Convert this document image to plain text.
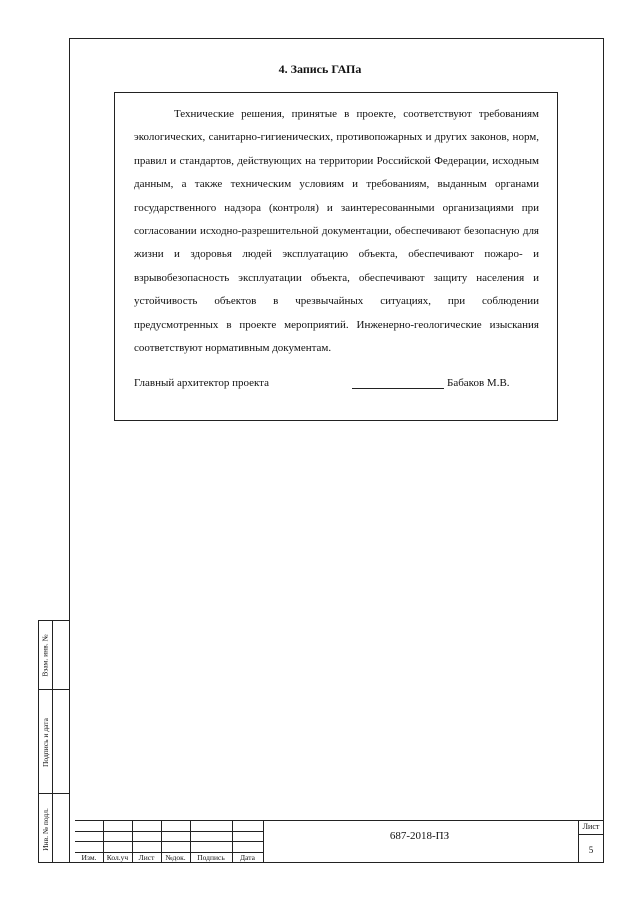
Взам. инв. №
Подпись и дата
Инв. № подл.
4. Запись ГАПа

Технические решения, принятые в проекте, соответствуют требованиям экологических, санитарно-гигиенических, противопожарных и других законов, норм, правил и стандартов, действующих на территории Российской Федерации, исходным данным, а также техническим условиям и требованиям, выданным органами государственного надзора (контроля) и заинтересованными организациями при согласовании исходно-разрешительной документации, обеспечивают безопасную для жизни и здоровья людей эксплуатацию объекта, обеспечивают пожаро- и взрывобезопасность эксплуатации объекта, обеспечивают защиту населения и устойчивость объектов в чрезвычайных ситуациях, при соблюдении предусмотренных в проекте мероприятий. Инженерно-геологические изыскания соответствуют нормативным документам.

Главный архитектор проекта	Бабаков М.В.
Изм.	Кол.уч	Лист	№док.	Подпись	Дата
687-2018-ПЗ
Лист
5
